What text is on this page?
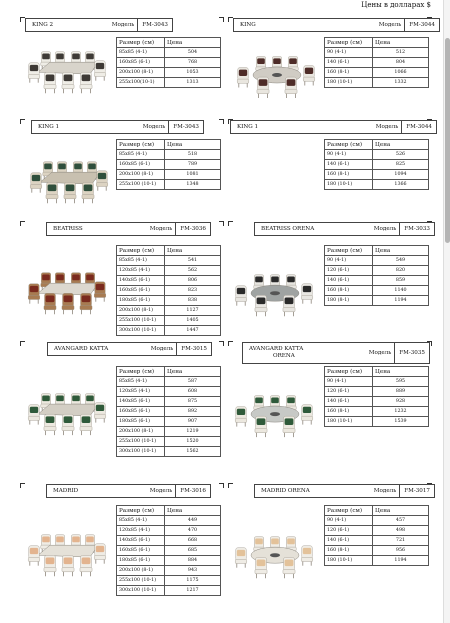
Цены в долларах $
KING 2	Модель	FM-3043	KING	Модель	FM-3044
KING 1	Модель	FM-3043	KING 1	Модель	FM-3044
BEATRISS	Модель	FM-3036	BEATRISS ORENA	Модель	FM-3033
AVANGARD KATTA	Модель	FM-3015	AVANGARD KATTA
ORENA	Модель	FM-3035
MADRID	Модель	FM-3016	MADRID ORENA	Модель	FM-3017
Размер (см)	Цена
85x85 (4-1)	504
160x85 (6-1)	768
200x100 (8-1)	1053
255x100(10-1)	1313
Размер (см)	Цена
90 (4-1)	512
140 (6-1)	804
160 (8-1)	1066
180 (10-1)	1332
Размер (см)	Цена
85x85 (4-1)	518
160x85 (6-1)	789
200x100 (8-1)	1081
255x100 (10-1)	1348
Размер (см)	Цена
90 (4-1)	526
140 (6-1)	825
160 (8-1)	1094
180 (10-1)	1366
Размер (см)	Цена
85x85 (4-1)	541
120x85 (4-1)	562
140x85 (6-1)	806
160x85 (6-1)	823
180x85 (6-1)	838
200x100 (8-1)	1127
255x100 (10-1)	1405
300x100 (10-1)	1447
Размер (см)	Цена
90 (4-1)	549
120 (6-1)	820
140 (6-1)	859
160 (8-1)	1140
180 (8-1)	1194
Размер (см)	Цена
85x85 (4-1)	587
120x85 (4-1)	608
140x85 (6-1)	875
160x85 (6-1)	892
180x85 (6-1)	907
200x100 (8-1)	1219
255x100 (10-1)	1520
300x100 (10-1)	1562
Размер (см)	Цена
90 (4-1)	595
120 (6-1)	889
140 (6-1)	928
160 (8-1)	1232
180 (10-1)	1539
Размер (см)	Цена
85x85 (4-1)	449
120x85 (4-1)	470
140x85 (6-1)	668
160x85 (6-1)	685
180x85 (6-1)	884
200x100 (8-1)	943
255x100 (10-1)	1175
300x100 (10-1)	1217
Размер (см)	Цена
90 (4-1)	457
120 (6-1)	498
140 (6-1)	721
160 (8-1)	956
180 (10-1)	1194
